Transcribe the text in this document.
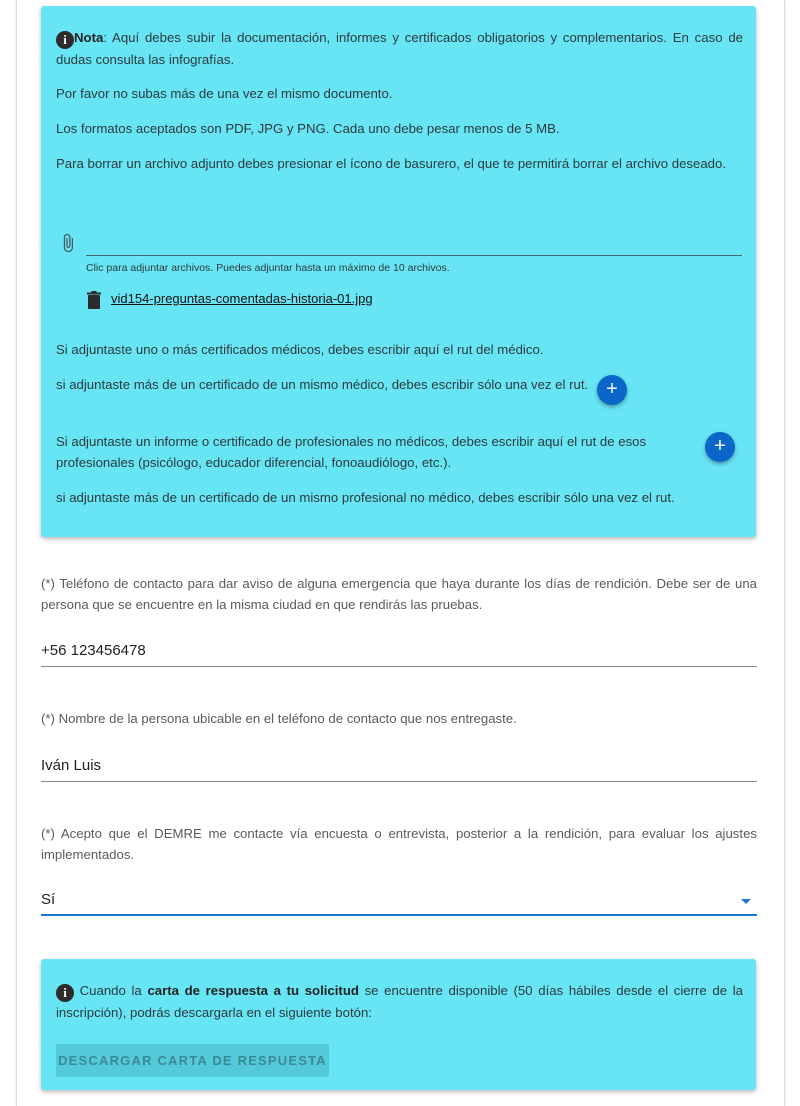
i Nota: Aquí debes subir la documentación, informes y certificados obligatorios y complementarios. En caso de dudas consulta las infografías.
Por favor no subas más de una vez el mismo documento.
Los formatos aceptados son PDF, JPG y PNG. Cada uno debe pesar menos de 5 MB.
Para borrar un archivo adjunto debes presionar el ícono de basurero, el que te permitirá borrar el archivo deseado.
Clic para adjuntar archivos. Puedes adjuntar hasta un máximo de 10 archivos.
vid154-preguntas-comentadas-historia-01.jpg
Si adjuntaste uno o más certificados médicos, debes escribir aquí el rut del médico.
si adjuntaste más de un certificado de un mismo médico, debes escribir sólo una vez el rut. +
Si adjuntaste un informe o certificado de profesionales no médicos, debes escribir aquí el rut de esos profesionales (psicólogo, educador diferencial, fonoaudiólogo, etc.).
+
si adjuntaste más de un certificado de un mismo profesional no médico, debes escribir sólo una vez el rut.
(*) Teléfono de contacto para dar aviso de alguna emergencia que haya durante los días de rendición. Debe ser de una persona que se encuentre en la misma ciudad en que rendirás las pruebas.
+56 123456478
(*) Nombre de la persona ubicable en el teléfono de contacto que nos entregaste.
Iván Luis
(*) Acepto que el DEMRE me contacte vía encuesta o entrevista, posterior a la rendición, para evaluar los ajustes implementados.
Sí
i Cuando la carta de respuesta a tu solicitud se encuentre disponible (50 días hábiles desde el cierre de la inscripción), podrás descargarla en el siguiente botón:
DESCARGAR CARTA DE RESPUESTA
